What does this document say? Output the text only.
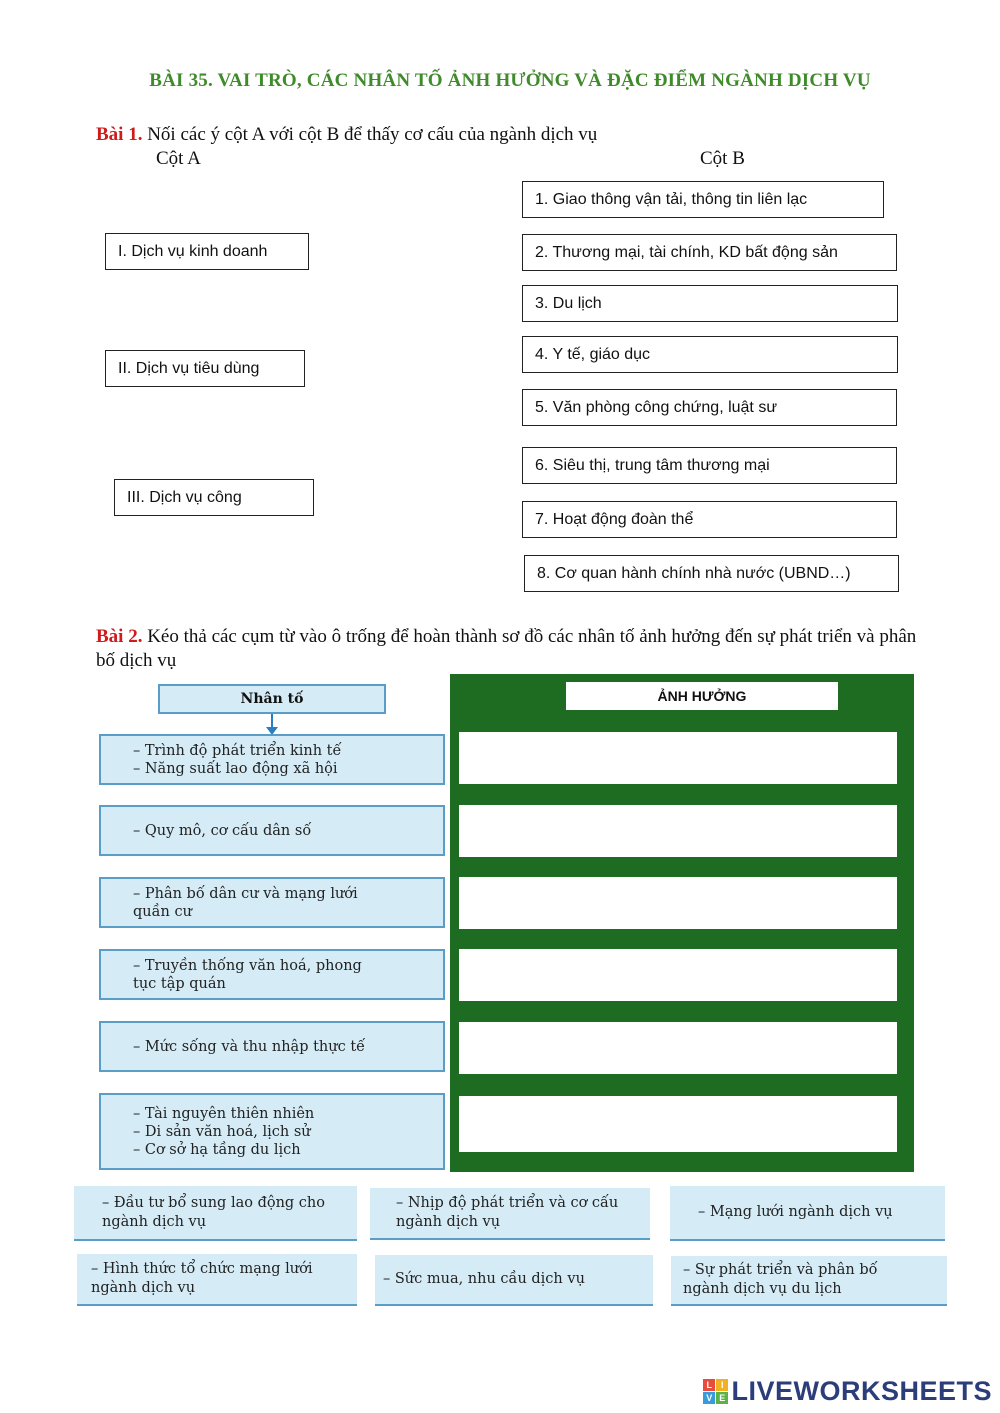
BÀI 35. VAI TRÒ, CÁC NHÂN TỐ ẢNH HƯỞNG VÀ ĐẶC ĐIỂM NGÀNH DỊCH VỤ
Bài 1. Nối các ý cột A với cột B để thấy cơ cấu của ngành dịch vụ
Cột A	Cột B
I. Dịch vụ kinh doanh
II. Dịch vụ tiêu dùng
III. Dịch vụ công
1. Giao thông vận tải, thông tin liên lạc
2. Thương mại, tài chính, KD bất động sản
3. Du lịch
4. Y tế, giáo dục
5. Văn phòng công chứng, luật sư
6. Siêu thị, trung tâm thương mại
7. Hoạt động đoàn thể
8. Cơ quan hành chính nhà nước (UBND…)
Bài 2. Kéo thả các cụm từ vào ô trống để hoàn thành sơ đồ các nhân tố ảnh hưởng đến sự phát triển và phân bố dịch vụ
Nhân tố
– Trình độ phát triển kinh tế
– Năng suất lao động xã hội
– Quy mô, cơ cấu dân số
– Phân bố dân cư và mạng lưới
quần cư
– Truyền thống văn hoá, phong
tục tập quán
– Mức sống và thu nhập thực tế
– Tài nguyên thiên nhiên
– Di sản văn hoá, lịch sử
– Cơ sở hạ tầng du lịch
ẢNH HƯỞNG
– Đầu tư bổ sung lao động cho
ngành dịch vụ
– Nhịp độ phát triển và cơ cấu
ngành dịch vụ
– Mạng lưới ngành dịch vụ
– Hình thức tổ chức mạng lưới
ngành dịch vụ
– Sức mua, nhu cầu dịch vụ
– Sự phát triển và phân bố
ngành dịch vụ du lịch
L I
V E LIVEWORKSHEETS
